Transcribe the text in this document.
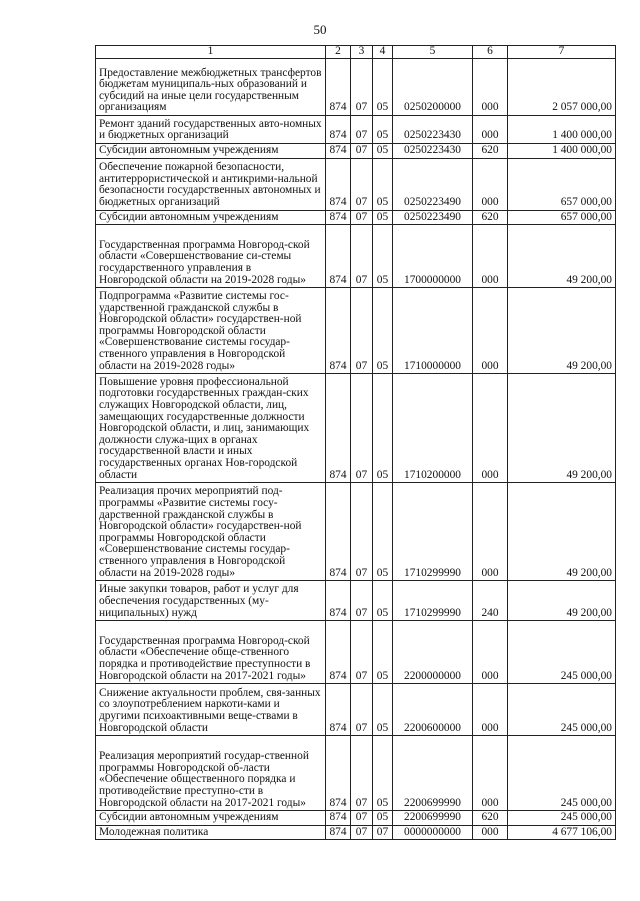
50
1	2	3	4	5	6	7
Предоставление межбюджетных трансфертов бюджетам муниципаль-ных образований и субсидий на иные цели государственным организациям	874	07	05	0250200000	000	2 057 000,00
Ремонт зданий государственных авто-номных и бюджетных организаций	874	07	05	0250223430	000	1 400 000,00
Субсидии автономным учреждениям	874	07	05	0250223430	620	1 400 000,00
Обеспечение пожарной безопасности, антитеррористической и антикрими-нальной безопасности государственных автономных и бюджетных организаций	874	07	05	0250223490	000	657 000,00
Субсидии автономным учреждениям	874	07	05	0250223490	620	657 000,00
Государственная программа Новгород-ской области «Совершенствование си-стемы государственного управления в Новгородской области на 2019-2028 годы»	874	07	05	1700000000	000	49 200,00
Подпрограмма «Развитие системы гос-ударственной гражданской службы в Новгородской области» государствен-ной программы Новгородской области «Совершенствование системы государ-ственного управления в Новгородской области на 2019-2028 годы»	874	07	05	1710000000	000	49 200,00
Повышение уровня профессиональной подготовки государственных граждан-ских служащих Новгородской области, лиц, замещающих государственные должности Новгородской области, и лиц, занимающих должности служа-щих в органах государственной власти и иных государственных органах Нов-городской области	874	07	05	1710200000	000	49 200,00
Реализация прочих мероприятий под-программы «Развитие системы госу-дарственной гражданской службы в Новгородской области» государствен-ной программы Новгородской области «Совершенствование системы государ-ственного управления в Новгородской области на 2019-2028 годы»	874	07	05	1710299990	000	49 200,00
Иные закупки товаров, работ и услуг для обеспечения государственных (му-ниципальных) нужд	874	07	05	1710299990	240	49 200,00
Государственная программа Новгород-ской области «Обеспечение обще-ственного порядка и противодействие преступности в Новгородской области на 2017-2021 годы»	874	07	05	2200000000	000	245 000,00
Снижение актуальности проблем, свя-занных со злоупотреблением наркоти-ками и другими психоактивными веще-ствами в Новгородской области	874	07	05	2200600000	000	245 000,00
Реализация мероприятий государ-ственной программы Новгородской об-ласти «Обеспечение общественного порядка и противодействие преступно-сти в Новгородской области на 2017-2021 годы»	874	07	05	2200699990	000	245 000,00
Субсидии автономным учреждениям	874	07	05	2200699990	620	245 000,00
Молодежная политика	874	07	07	0000000000	000	4 677 106,00
